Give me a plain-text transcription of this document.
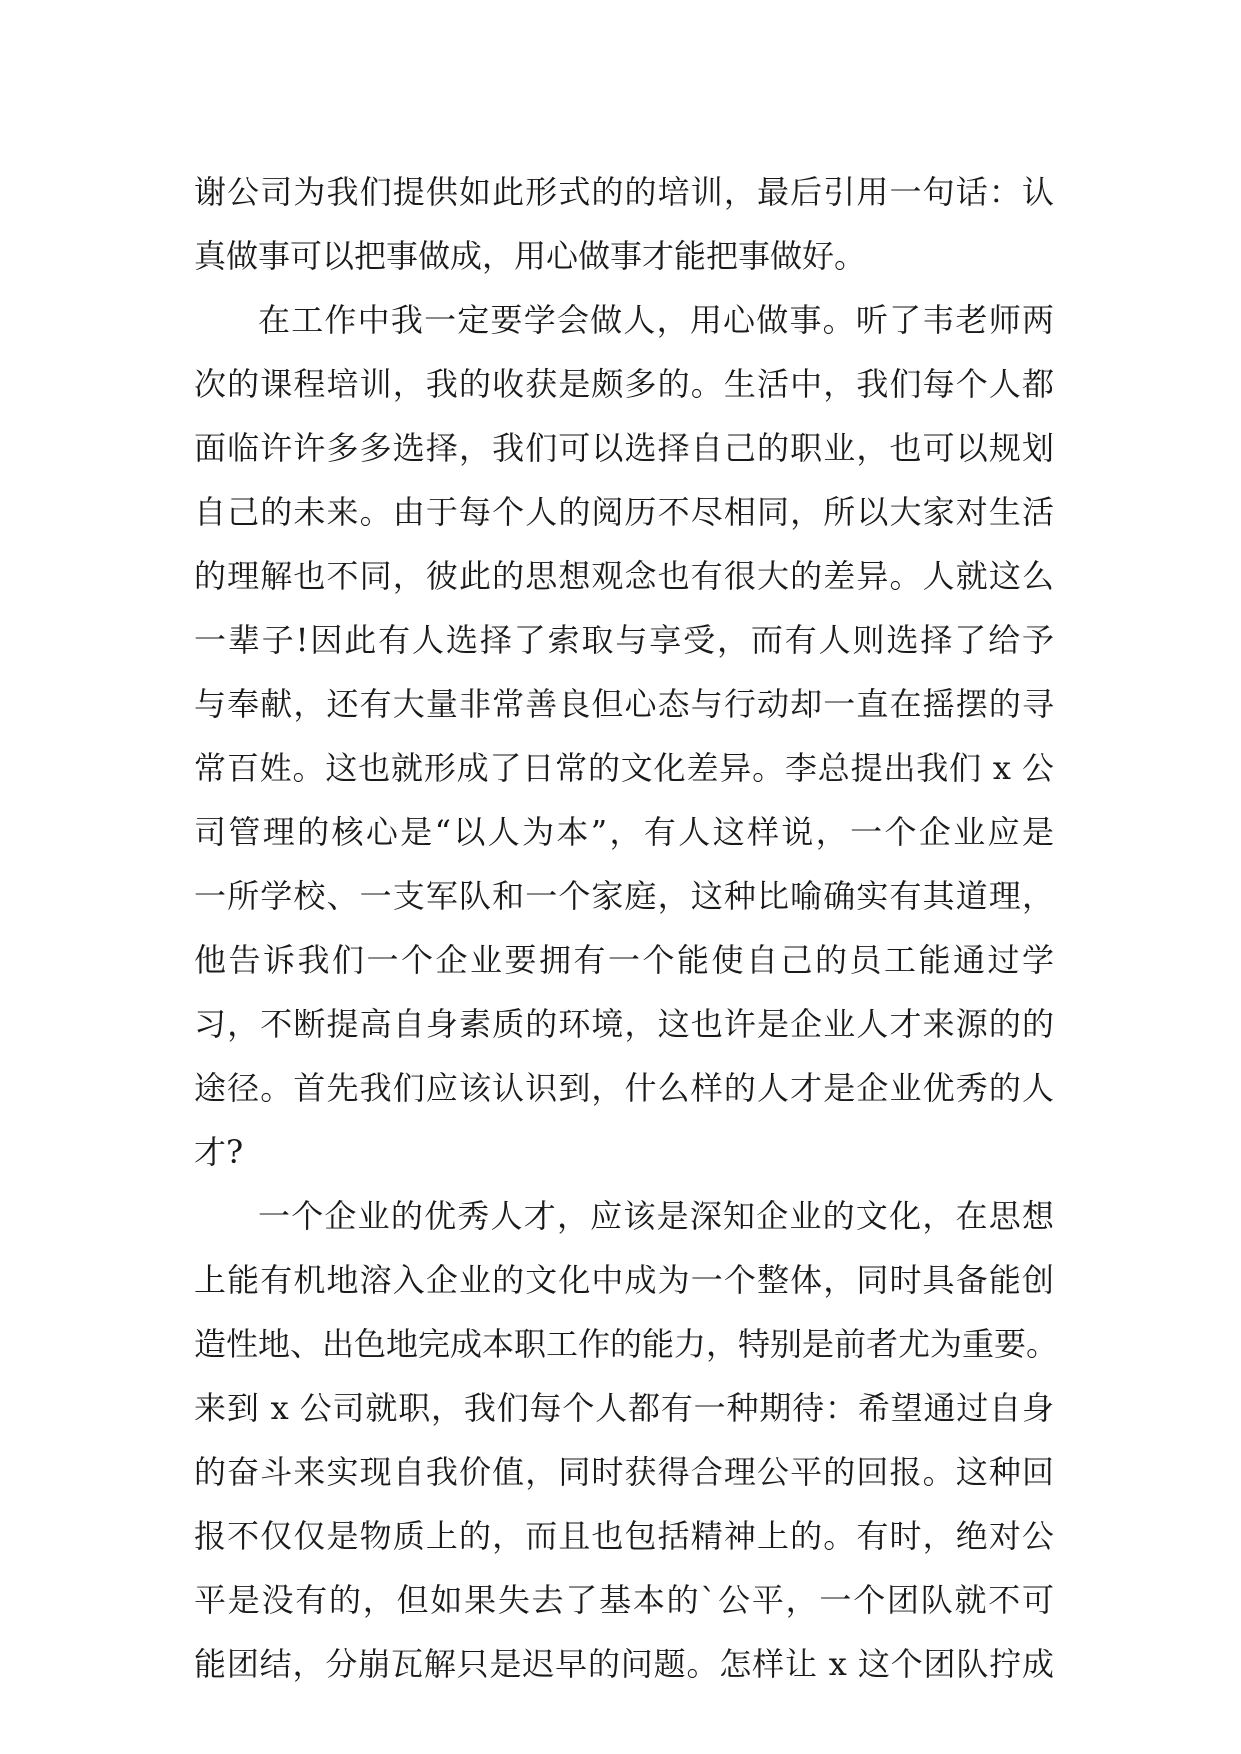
谢公司为我们提供如此形式的的培训，最后引用一句话：认
真做事可以把事做成，用心做事才能把事做好。
在工作中我一定要学会做人，用心做事。听了韦老师两
次的课程培训，我的收获是颇多的。生活中，我们每个人都
面临许许多多选择，我们可以选择自己的职业，也可以规划
自己的未来。由于每个人的阅历不尽相同，所以大家对生活
的理解也不同，彼此的思想观念也有很大的差异。人就这么
一辈子!因此有人选择了索取与享受，而有人则选择了给予
与奉献，还有大量非常善良但心态与行动却一直在摇摆的寻
常百姓。这也就形成了日常的文化差异。李总提出我们 x 公
司管理的核心是“以人为本”，有人这样说，一个企业应是
一所学校、一支军队和一个家庭，这种比喻确实有其道理，
他告诉我们一个企业要拥有一个能使自己的员工能通过学
习，不断提高自身素质的环境，这也许是企业人才来源的的
途径。首先我们应该认识到，什么样的人才是企业优秀的人
才?
一个企业的优秀人才，应该是深知企业的文化，在思想
上能有机地溶入企业的文化中成为一个整体，同时具备能创
造性地、出色地完成本职工作的能力，特别是前者尤为重要。
来到 x 公司就职，我们每个人都有一种期待：希望通过自身
的奋斗来实现自我价值，同时获得合理公平的回报。这种回
报不仅仅是物质上的，而且也包括精神上的。有时，绝对公
平是没有的，但如果失去了基本的`公平，一个团队就不可
能团结，分崩瓦解只是迟早的问题。怎样让 x 这个团队拧成
